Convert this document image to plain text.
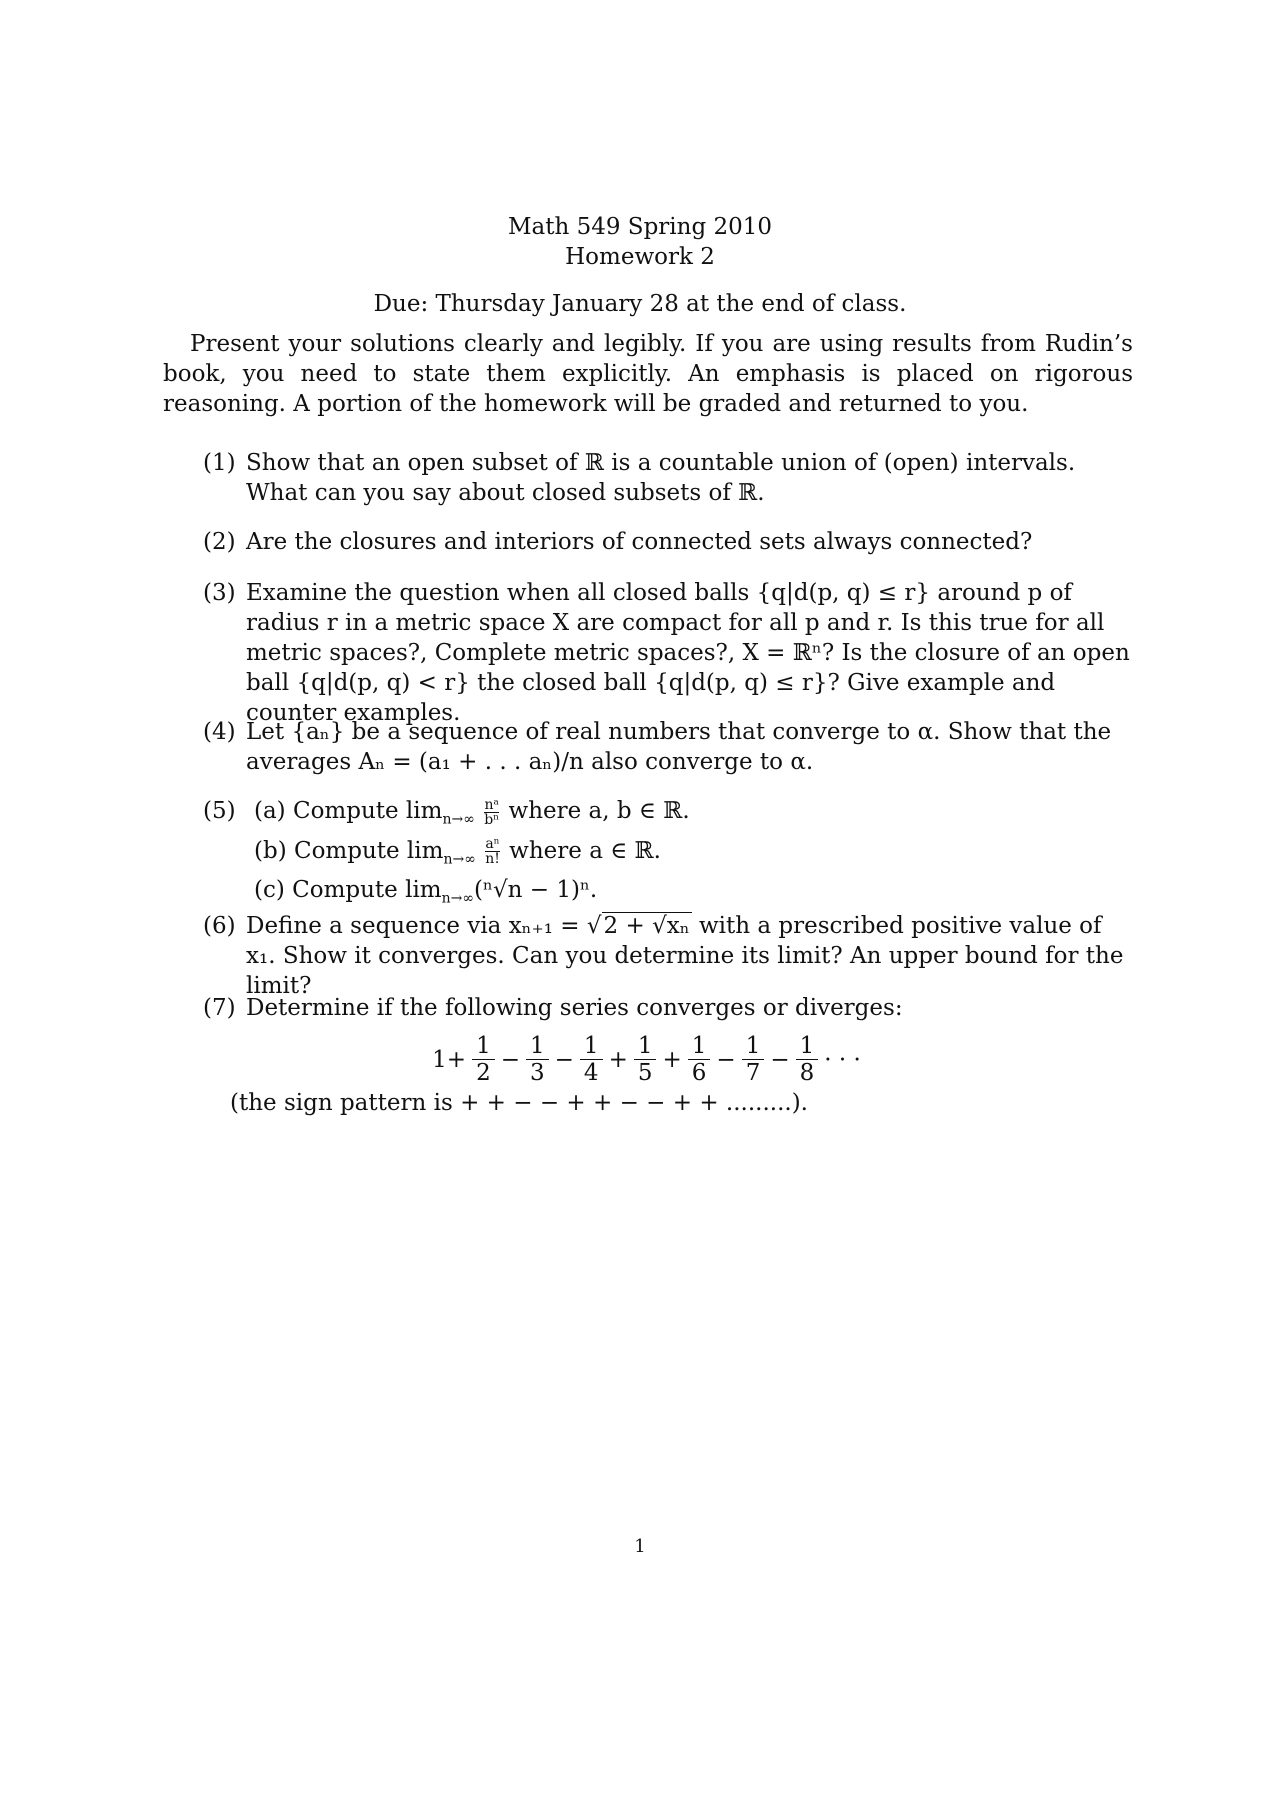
Math 549 Spring 2010
Homework 2
Due: Thursday January 28 at the end of class.
Present your solutions clearly and legibly. If you are using results from Rudin’s book, you need to state them explicitly. An emphasis is placed on rigorous reasoning. A portion of the homework will be graded and returned to you.
(1) Show that an open subset of ℝ is a countable union of (open) intervals. What can you say about closed subsets of ℝ.
(2) Are the closures and interiors of connected sets always connected?
(3) Examine the question when all closed balls {q|d(p, q) ≤ r} around p of radius r in a metric space X are compact for all p and r. Is this true for all metric spaces?, Complete metric spaces?, X = ℝⁿ? Is the closure of an open ball {q|d(p, q) < r} the closed ball {q|d(p, q) ≤ r}? Give example and counter examples.
(4) Let {aₙ} be a sequence of real numbers that converge to α. Show that the averages Aₙ = (a₁ + . . . aₙ)/n also converge to α.
(5) (a) Compute $\lim_{n\to\infty} \frac{\text{nᵃ}}{\text{bⁿ}}$ where a, b ∈ ℝ.
(b) Compute $\lim_{n\to\infty} \frac{\text{aⁿ}}{n!}$ where a ∈ ℝ.
(c) Compute $\lim_{n\to\infty}(^n√n - 1)^n$.
(6) Define a sequence via xₙ₊₁ = √2 + √xₙ with a prescribed positive value of x₁. Show it converges. Can you determine its limit? An upper bound for the limit?
(7) Determine if the following series converges or diverges:
$1+ \frac{1}{2} - \frac{1}{3} - \frac{1}{4} + \frac{1}{5} + \frac{1}{6} - \frac{1}{7} - \frac{1}{8}$ · · ·
(the sign pattern is + + − − + + − − + + .........).
1
